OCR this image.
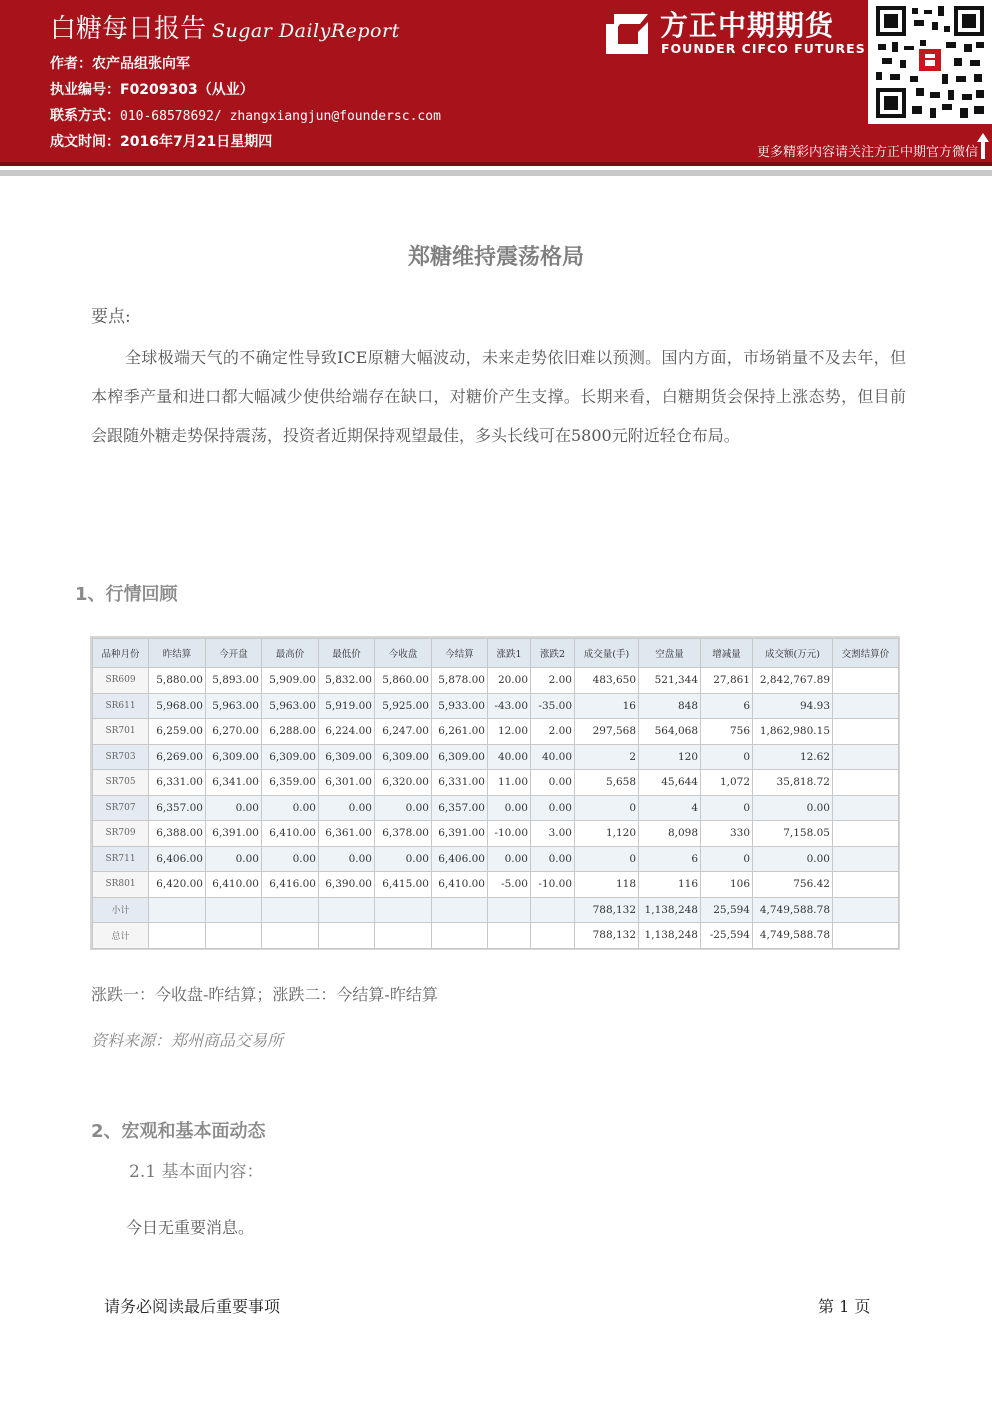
白糖每日报告 Sugar DailyReport
作者：农产品组张向军
执业编号：F0209303（从业）
联系方式：010-68578692/ zhangxiangjun@foundersc.com
成文时间：2016年7月21日星期四
方正中期期货
FOUNDER CIFCO FUTURES
更多精彩内容请关注方正中期官方微信
郑糖维持震荡格局
要点:
全球极端天气的不确定性导致ICE原糖大幅波动，未来走势依旧难以预测。国内方面，市场销量不及去年，但本榨季产量和进口都大幅减少使供给端存在缺口，对糖价产生支撑。长期来看，白糖期货会保持上涨态势，但目前会跟随外糖走势保持震荡，投资者近期保持观望最佳，多头长线可在5800元附近轻仓布局。
1、行情回顾
品种月份	昨结算	今开盘	最高价	最低价	今收盘	今结算	涨跌1	涨跌2	成交量(手)	空盘量	增减量	成交额(万元)	交割结算价
SR609	5,880.00	5,893.00	5,909.00	5,832.00	5,860.00	5,878.00	20.00	2.00	483,650	521,344	27,861	2,842,767.89	
SR611	5,968.00	5,963.00	5,963.00	5,919.00	5,925.00	5,933.00	-43.00	-35.00	16	848	6	94.93	
SR701	6,259.00	6,270.00	6,288.00	6,224.00	6,247.00	6,261.00	12.00	2.00	297,568	564,068	756	1,862,980.15	
SR703	6,269.00	6,309.00	6,309.00	6,309.00	6,309.00	6,309.00	40.00	40.00	2	120	0	12.62	
SR705	6,331.00	6,341.00	6,359.00	6,301.00	6,320.00	6,331.00	11.00	0.00	5,658	45,644	1,072	35,818.72	
SR707	6,357.00	0.00	0.00	0.00	0.00	6,357.00	0.00	0.00	0	4	0	0.00	
SR709	6,388.00	6,391.00	6,410.00	6,361.00	6,378.00	6,391.00	-10.00	3.00	1,120	8,098	330	7,158.05	
SR711	6,406.00	0.00	0.00	0.00	0.00	6,406.00	0.00	0.00	0	6	0	0.00	
SR801	6,420.00	6,410.00	6,416.00	6,390.00	6,415.00	6,410.00	-5.00	-10.00	118	116	106	756.42	
小计									788,132	1,138,248	25,594	4,749,588.78	
总计									788,132	1,138,248	-25,594	4,749,588.78	
涨跌一：今收盘-昨结算；涨跌二：今结算-昨结算
资料来源：郑州商品交易所
2、宏观和基本面动态
2.1 基本面内容：
今日无重要消息。
请务必阅读最后重要事项	第 1 页
